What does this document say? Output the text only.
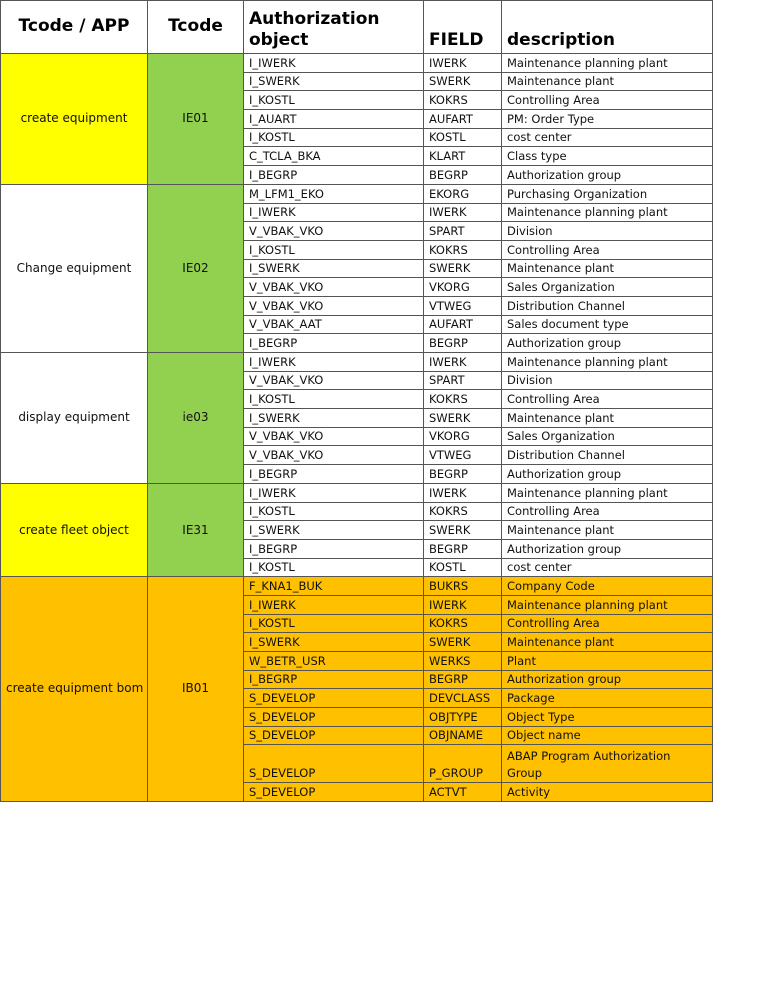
Tcode / APP	Tcode	Authorization object	FIELD	description
create equipment	IE01	I_IWERK	IWERK	Maintenance planning plant
		I_SWERK	SWERK	Maintenance plant
		I_KOSTL	KOKRS	Controlling Area
		I_AUART	AUFART	PM: Order Type
		I_KOSTL	KOSTL	cost center
		C_TCLA_BKA	KLART	Class type
		I_BEGRP	BEGRP	Authorization group
Change equipment	IE02	M_LFM1_EKO	EKORG	Purchasing Organization
		I_IWERK	IWERK	Maintenance planning plant
		V_VBAK_VKO	SPART	Division
		I_KOSTL	KOKRS	Controlling Area
		I_SWERK	SWERK	Maintenance plant
		V_VBAK_VKO	VKORG	Sales Organization
		V_VBAK_VKO	VTWEG	Distribution Channel
		V_VBAK_AAT	AUFART	Sales document type
		I_BEGRP	BEGRP	Authorization group
display equipment	ie03	I_IWERK	IWERK	Maintenance planning plant
		V_VBAK_VKO	SPART	Division
		I_KOSTL	KOKRS	Controlling Area
		I_SWERK	SWERK	Maintenance plant
		V_VBAK_VKO	VKORG	Sales Organization
		V_VBAK_VKO	VTWEG	Distribution Channel
		I_BEGRP	BEGRP	Authorization group
create fleet object	IE31	I_IWERK	IWERK	Maintenance planning plant
		I_KOSTL	KOKRS	Controlling Area
		I_SWERK	SWERK	Maintenance plant
		I_BEGRP	BEGRP	Authorization group
		I_KOSTL	KOSTL	cost center
create equipment bom	IB01	F_KNA1_BUK	BUKRS	Company Code
		I_IWERK	IWERK	Maintenance planning plant
		I_KOSTL	KOKRS	Controlling Area
		I_SWERK	SWERK	Maintenance plant
		W_BETR_USR	WERKS	Plant
		I_BEGRP	BEGRP	Authorization group
		S_DEVELOP	DEVCLASS	Package
		S_DEVELOP	OBJTYPE	Object Type
		S_DEVELOP	OBJNAME	Object name
		S_DEVELOP	P_GROUP	ABAP Program Authorization Group
		S_DEVELOP	ACTVT	Activity
